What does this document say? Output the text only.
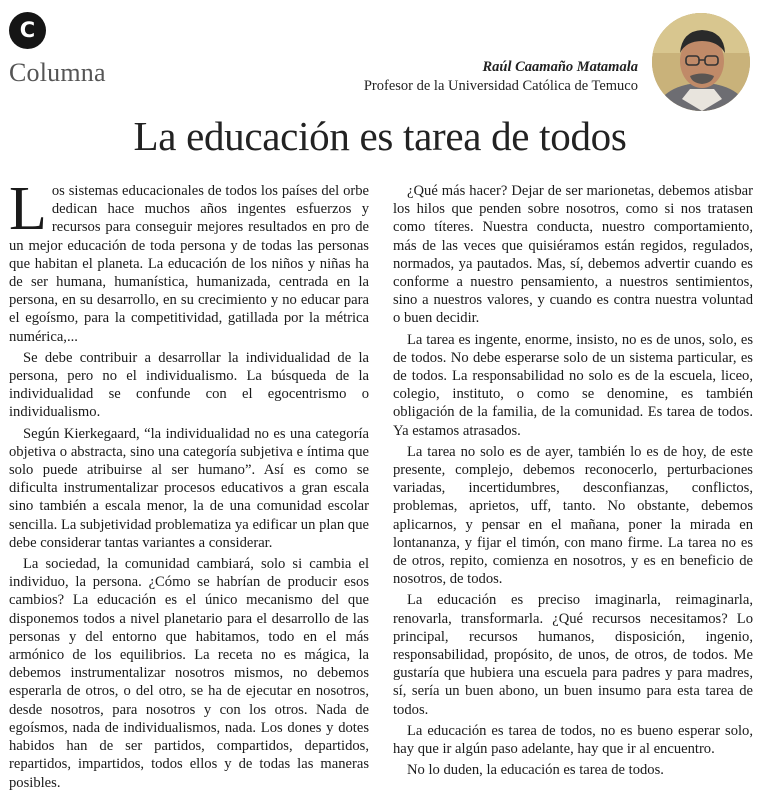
C
Columna	Raúl Caamaño Matamala
Profesor de la Universidad Católica de Temuco
La educación es tarea de todos

Los sistemas educacionales de todos los países del orbe dedican hace muchos años ingentes esfuerzos y recursos para conseguir mejores resultados en pro de un mejor educación de toda persona y de todas las personas que habitan el planeta. La educación de los niños y niñas ha de ser humana, humanística, humanizada, centrada en la persona, en su desarrollo, en su crecimiento y no educar para el egoísmo, para la competitividad, gatillada por la métrica numérica,...

Se debe contribuir a desarrollar la individualidad de la persona, pero no el individualismo. La búsqueda de la individualidad se confunde con el egocentrismo o individualismo.

Según Kierkegaard, “la individualidad no es una categoría objetiva o abstracta, sino una categoría subjetiva e íntima que solo puede atribuirse al ser humano”. Así es como se dificulta instrumentalizar procesos educativos a gran escala sino también a escala menor, la de una comunidad escolar sencilla. La subjetividad problematiza ya edificar un plan que debe considerar tantas variantes a considerar.

La sociedad, la comunidad cambiará, solo si cambia el individuo, la persona. ¿Cómo se habrían de producir esos cambios? La educación es el único mecanismo del que disponemos todos a nivel planetario para el desarrollo de las personas y del entorno que habitamos, todo en el más armónico de los equilibrios. La receta no es mágica, la debemos instrumentalizar nosotros mismos, no debemos esperarla de otros, o del otro, se ha de ejecutar en nosotros, desde nosotros, para nosotros y con los otros. Nada de egoísmos, nada de individualismos, nada. Los dones y dotes habidos han de ser partidos, compartidos, departidos, repartidos, impartidos, todos ellos y de todas las maneras posibles.

¿Qué más hacer? Dejar de ser marionetas, debemos atisbar los hilos que penden sobre nosotros, como si nos tratasen como títeres. Nuestra conducta, nuestro comportamiento, más de las veces que quisiéramos están regidos, regulados, normados, ya pautados. Mas, sí, debemos advertir cuando es conforme a nuestro pensamiento, a nuestros sentimientos, sino a nuestros valores, y cuando es contra nuestra voluntad o buen decidir.

La tarea es ingente, enorme, insisto, no es de unos, solo, es de todos. No debe esperarse solo de un sistema particular, es de todos. La responsabilidad no solo es de la escuela, liceo, colegio, instituto, o como se denomine, es también obligación de la familia, de la comunidad. Es tarea de todos. Ya estamos atrasados.

La tarea no solo es de ayer, también lo es de hoy, de este presente, complejo, debemos reconocerlo, perturbaciones variadas, incertidumbres, desconfianzas, conflictos, problemas, aprietos, uff, tanto. No obstante, debemos aplicarnos, y pensar en el mañana, poner la mirada en lontananza, y fijar el timón, con mano firme. La tarea no es de otros, repito, comienza en nosotros, y es en beneficio de nosotros, de todos.

La educación es preciso imaginarla, reimaginarla, renovarla, transformarla. ¿Qué recursos necesitamos? Lo principal, recursos humanos, disposición, ingenio, responsabilidad, propósito, de unos, de otros, de todos. Me gustaría que hubiera una escuela para padres y para madres, sí, sería un buen abono, un buen insumo para esta tarea de todos.

La educación es tarea de todos, no es bueno esperar solo, hay que ir algún paso adelante, hay que ir al encuentro.

No lo duden, la educación es tarea de todos.
